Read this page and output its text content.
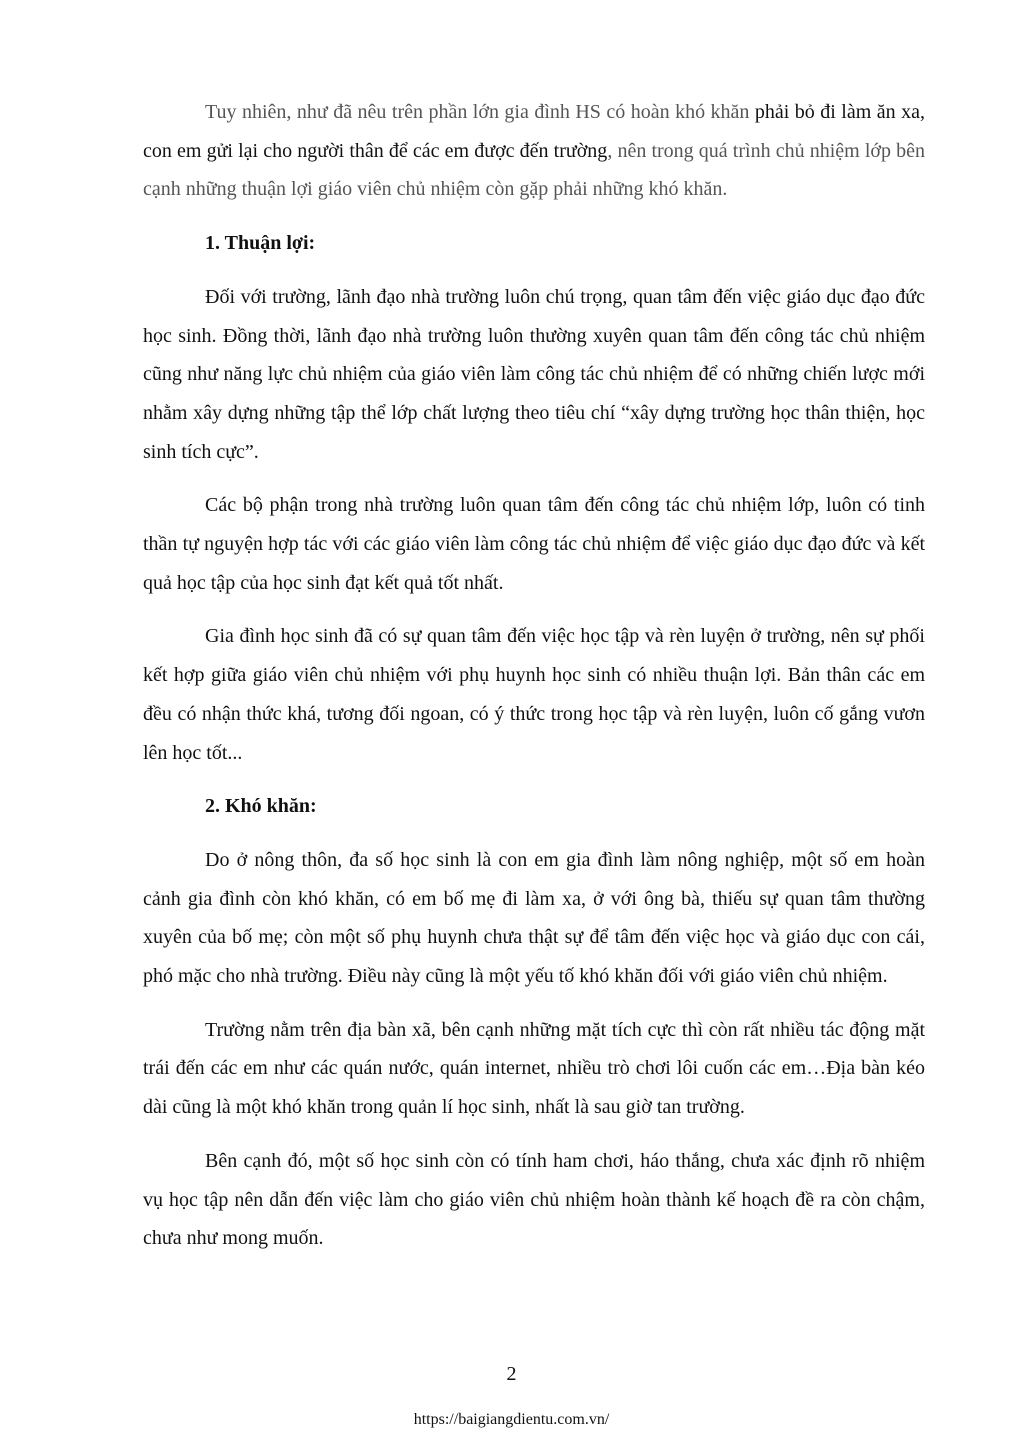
Tuy nhiên, như đã nêu trên phần lớn gia đình HS có hoàn khó khăn phải bỏ đi làm ăn xa, con em gửi lại cho người thân để các em được đến trường, nên trong quá trình chủ nhiệm lớp bên cạnh những thuận lợi giáo viên chủ nhiệm còn gặp phải những khó khăn.

1. Thuận lợi:

Đối với trường, lãnh đạo nhà trường luôn chú trọng, quan tâm đến việc giáo dục đạo đức học sinh. Đồng thời, lãnh đạo nhà trường luôn thường xuyên quan tâm đến công tác chủ nhiệm cũng như năng lực chủ nhiệm của giáo viên làm công tác chủ nhiệm để có những chiến lược mới nhằm xây dựng những tập thể lớp chất lượng theo tiêu chí “xây dựng trường học thân thiện, học sinh tích cực”.

Các bộ phận trong nhà trường luôn quan tâm đến công tác chủ nhiệm lớp, luôn có tinh thần tự nguyện hợp tác với các giáo viên làm công tác chủ nhiệm để việc giáo dục đạo đức và kết quả học tập của học sinh đạt kết quả tốt nhất.

Gia đình học sinh đã có sự quan tâm đến việc học tập và rèn luyện ở trường, nên sự phối kết hợp giữa giáo viên chủ nhiệm với phụ huynh học sinh có nhiều thuận lợi. Bản thân các em đều có nhận thức khá, tương đối ngoan, có ý thức trong học tập và rèn luyện, luôn cố gắng vươn lên học tốt...

2. Khó khăn:

Do ở nông thôn, đa số học sinh là con em gia đình làm nông nghiệp, một số em hoàn cảnh gia đình còn khó khăn, có em bố mẹ đi làm xa, ở với ông bà, thiếu sự quan tâm thường xuyên của bố mẹ; còn một số phụ huynh chưa thật sự để tâm đến việc học và giáo dục con cái, phó mặc cho nhà trường. Điều này cũng là một yếu tố khó khăn đối với giáo viên chủ nhiệm.

Trường nằm trên địa bàn xã, bên cạnh những mặt tích cực thì còn rất nhiều tác động mặt trái đến các em như các quán nước, quán internet, nhiều trò chơi lôi cuốn các em…Địa bàn kéo dài cũng là một khó khăn trong quản lí học sinh, nhất là sau giờ tan trường.

Bên cạnh đó, một số học sinh còn có tính ham chơi, háo thắng, chưa xác định rõ nhiệm vụ học tập nên dẫn đến việc làm cho giáo viên chủ nhiệm hoàn thành kế hoạch đề ra còn chậm, chưa như mong muốn.

2
https://baigiangdientu.com.vn/
